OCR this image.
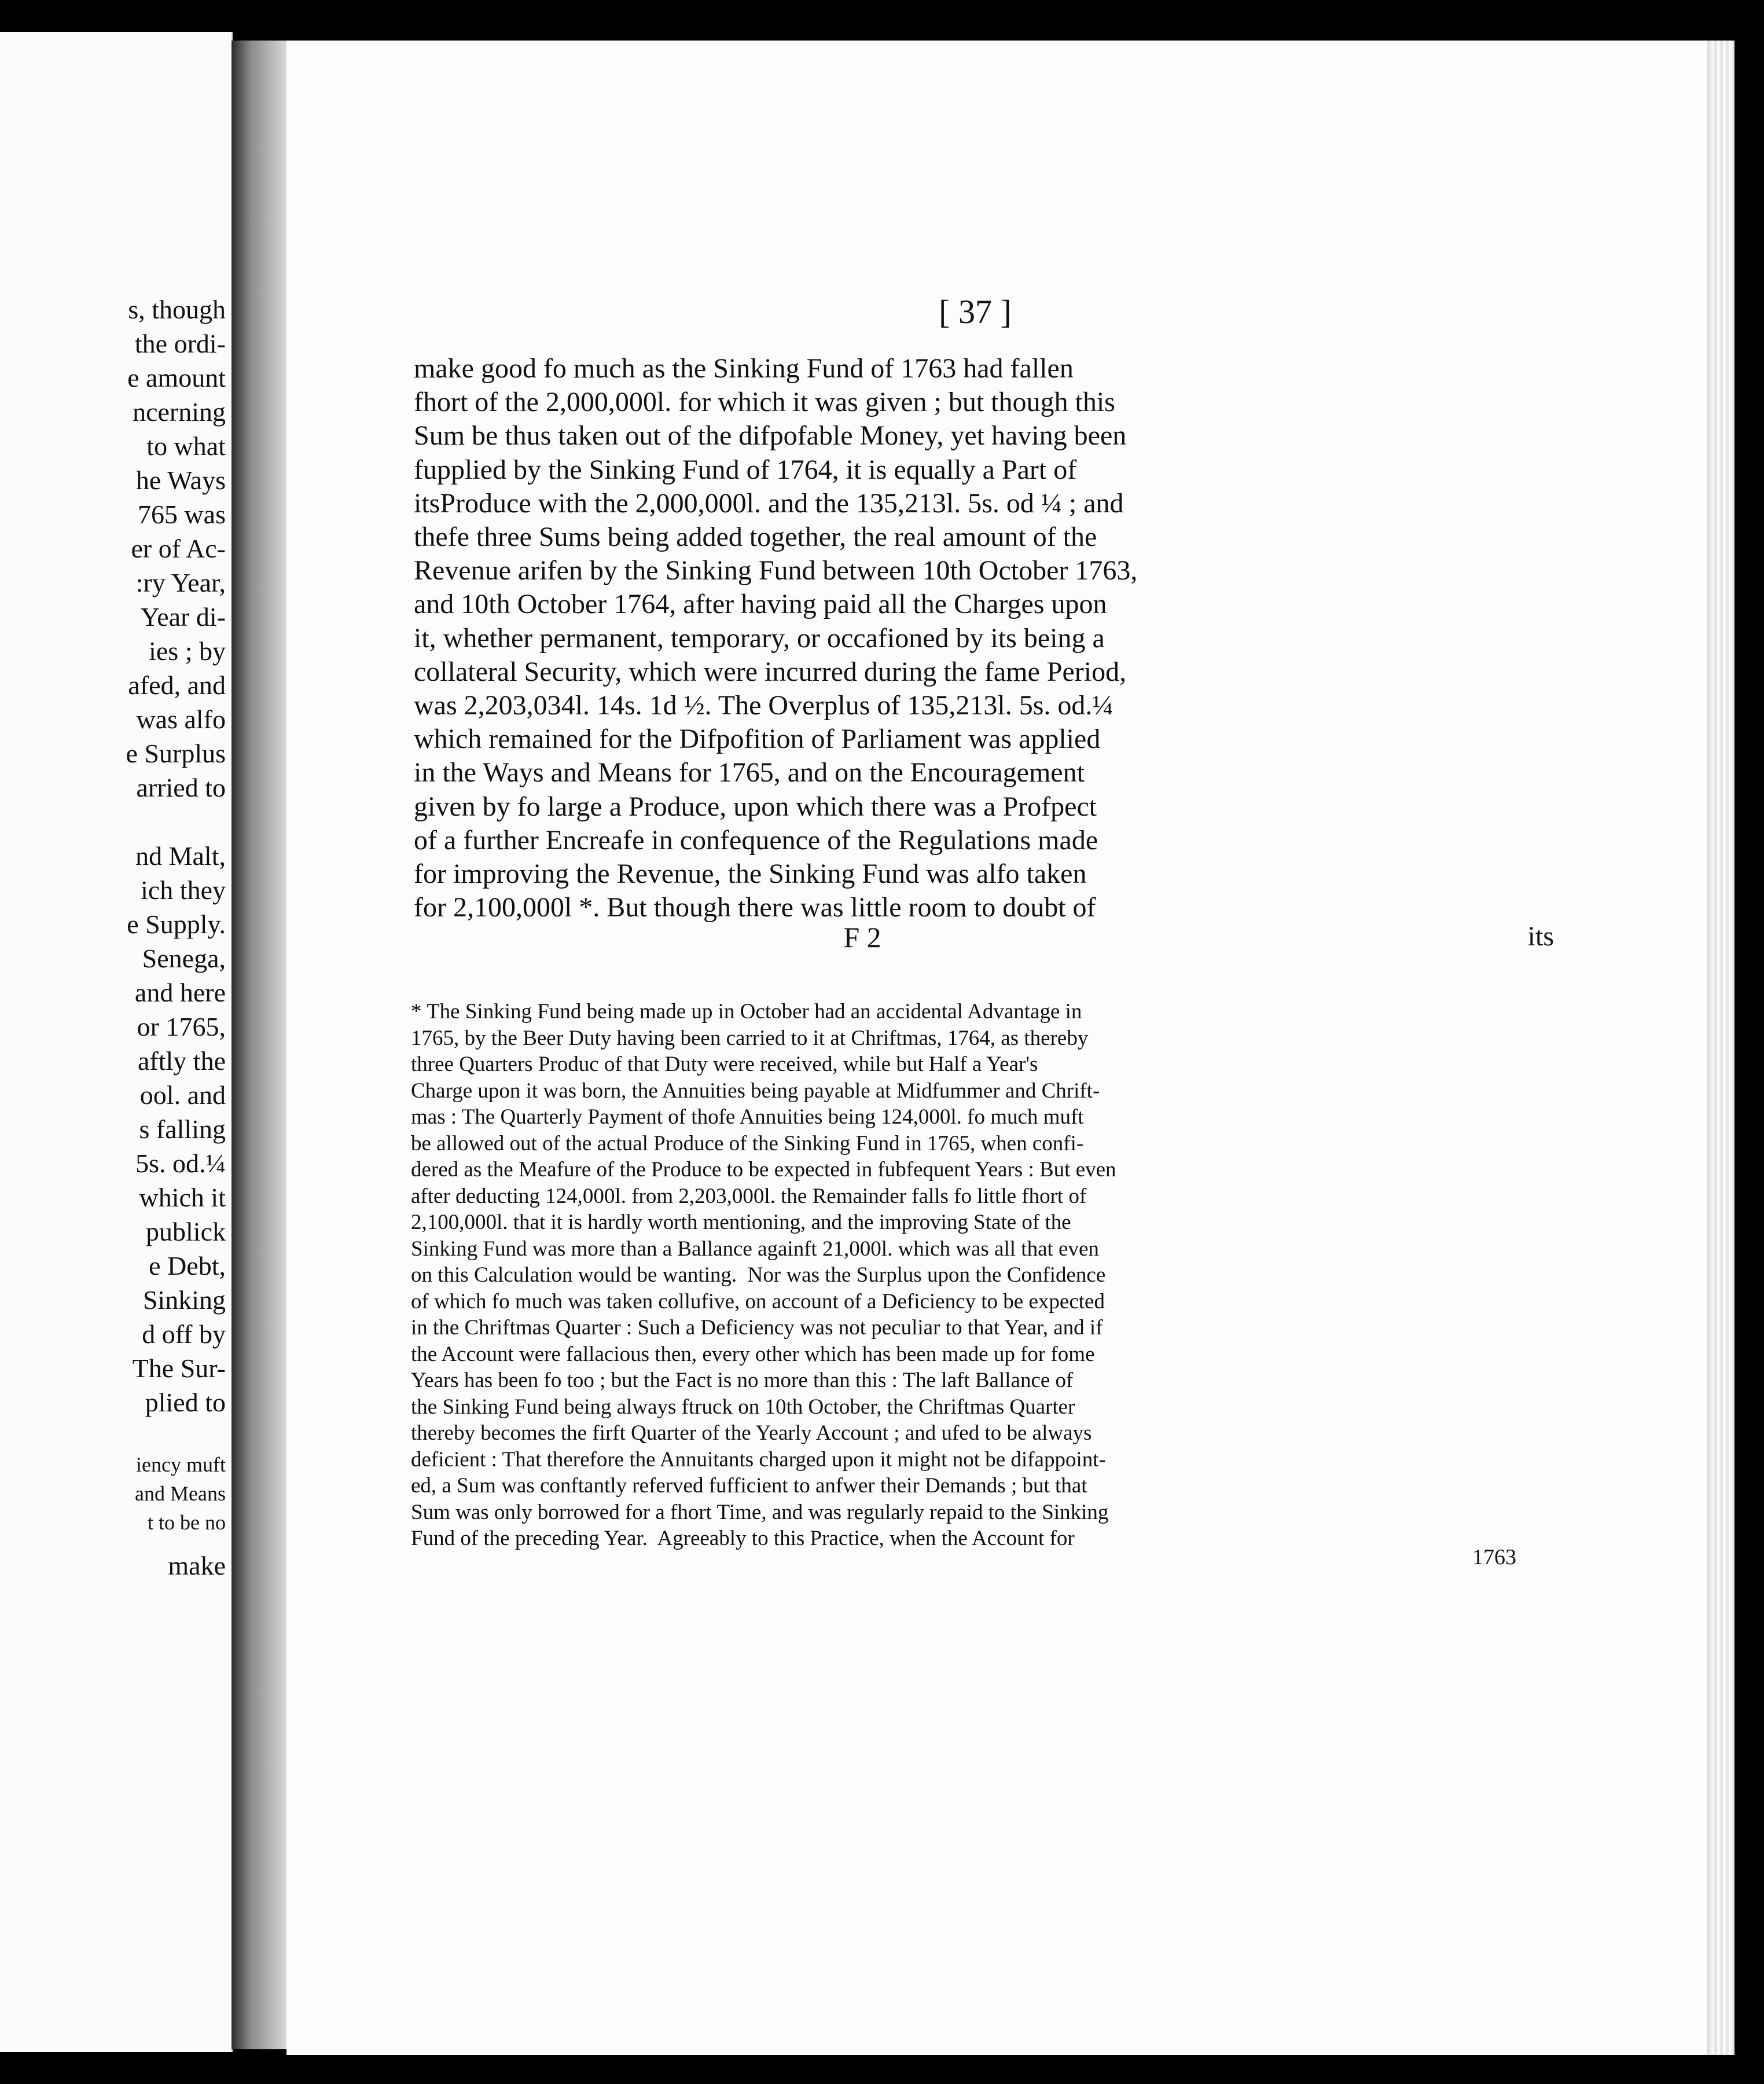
s, though
the ordi-
e amount
ncerning
to what
he Ways
765 was
er of Ac-
:ry Year,
Year di-
ies ; by
afed, and
was alfo
e Surplus
arried to

nd Malt,
ich they
e Supply.
Senega,
and here
or 1765,
aftly the
ool. and
s falling
5s. od.¼
which it
publick
e Debt,
Sinking
d off by
The Sur-
plied to

iency muft
and Means
t to be no

make

[ 37 ]

make good fo much as the Sinking Fund of 1763 had fallen
fhort of the 2,000,000l. for which it was given ; but though this
Sum be thus taken out of the difpofable Money, yet having been
fupplied by the Sinking Fund of 1764, it is equally a Part of
itsProduce with the 2,000,000l. and the 135,213l. 5s. od ¼ ; and
thefe three Sums being added together, the real amount of the
Revenue arifen by the Sinking Fund between 10th October 1763,
and 10th October 1764, after having paid all the Charges upon
it, whether permanent, temporary, or occafioned by its being a
collateral Security, which were incurred during the fame Period,
was 2,203,034l. 14s. 1d ½. The Overplus of 135,213l. 5s. od.¼
which remained for the Difpofition of Parliament was applied
in the Ways and Means for 1765, and on the Encouragement
given by fo large a Produce, upon which there was a Profpect
of a further Encreafe in confequence of the Regulations made
for improving the Revenue, the Sinking Fund was alfo taken
for 2,100,000l *. But though there was little room to doubt of

F 2	its

* The Sinking Fund being made up in October had an accidental Advantage in
1765, by the Beer Duty having been carried to it at Chriftmas, 1764, as thereby
three Quarters Produc of that Duty were received, while but Half a Year's
Charge upon it was born, the Annuities being payable at Midfummer and Chrift-
mas : The Quarterly Payment of thofe Annuities being 124,000l. fo much muft
be allowed out of the actual Produce of the Sinking Fund in 1765, when confi-
dered as the Meafure of the Produce to be expected in fubfequent Years : But even
after deducting 124,000l. from 2,203,000l. the Remainder falls fo little fhort of
2,100,000l. that it is hardly worth mentioning, and the improving State of the
Sinking Fund was more than a Ballance againft 21,000l. which was all that even
on this Calculation would be wanting.  Nor was the Surplus upon the Confidence
of which fo much was taken collufive, on account of a Deficiency to be expected
in the Chriftmas Quarter : Such a Deficiency was not peculiar to that Year, and if
the Account were fallacious then, every other which has been made up for fome
Years has been fo too ; but the Fact is no more than this : The laft Ballance of
the Sinking Fund being always ftruck on 10th October, the Chriftmas Quarter
thereby becomes the firft Quarter of the Yearly Account ; and ufed to be always
deficient : That therefore the Annuitants charged upon it might not be difappoint-
ed, a Sum was conftantly referved fufficient to anfwer their Demands ; but that
Sum was only borrowed for a fhort Time, and was regularly repaid to the Sinking
Fund of the preceding Year.  Agreeably to this Practice, when the Account for

1763
